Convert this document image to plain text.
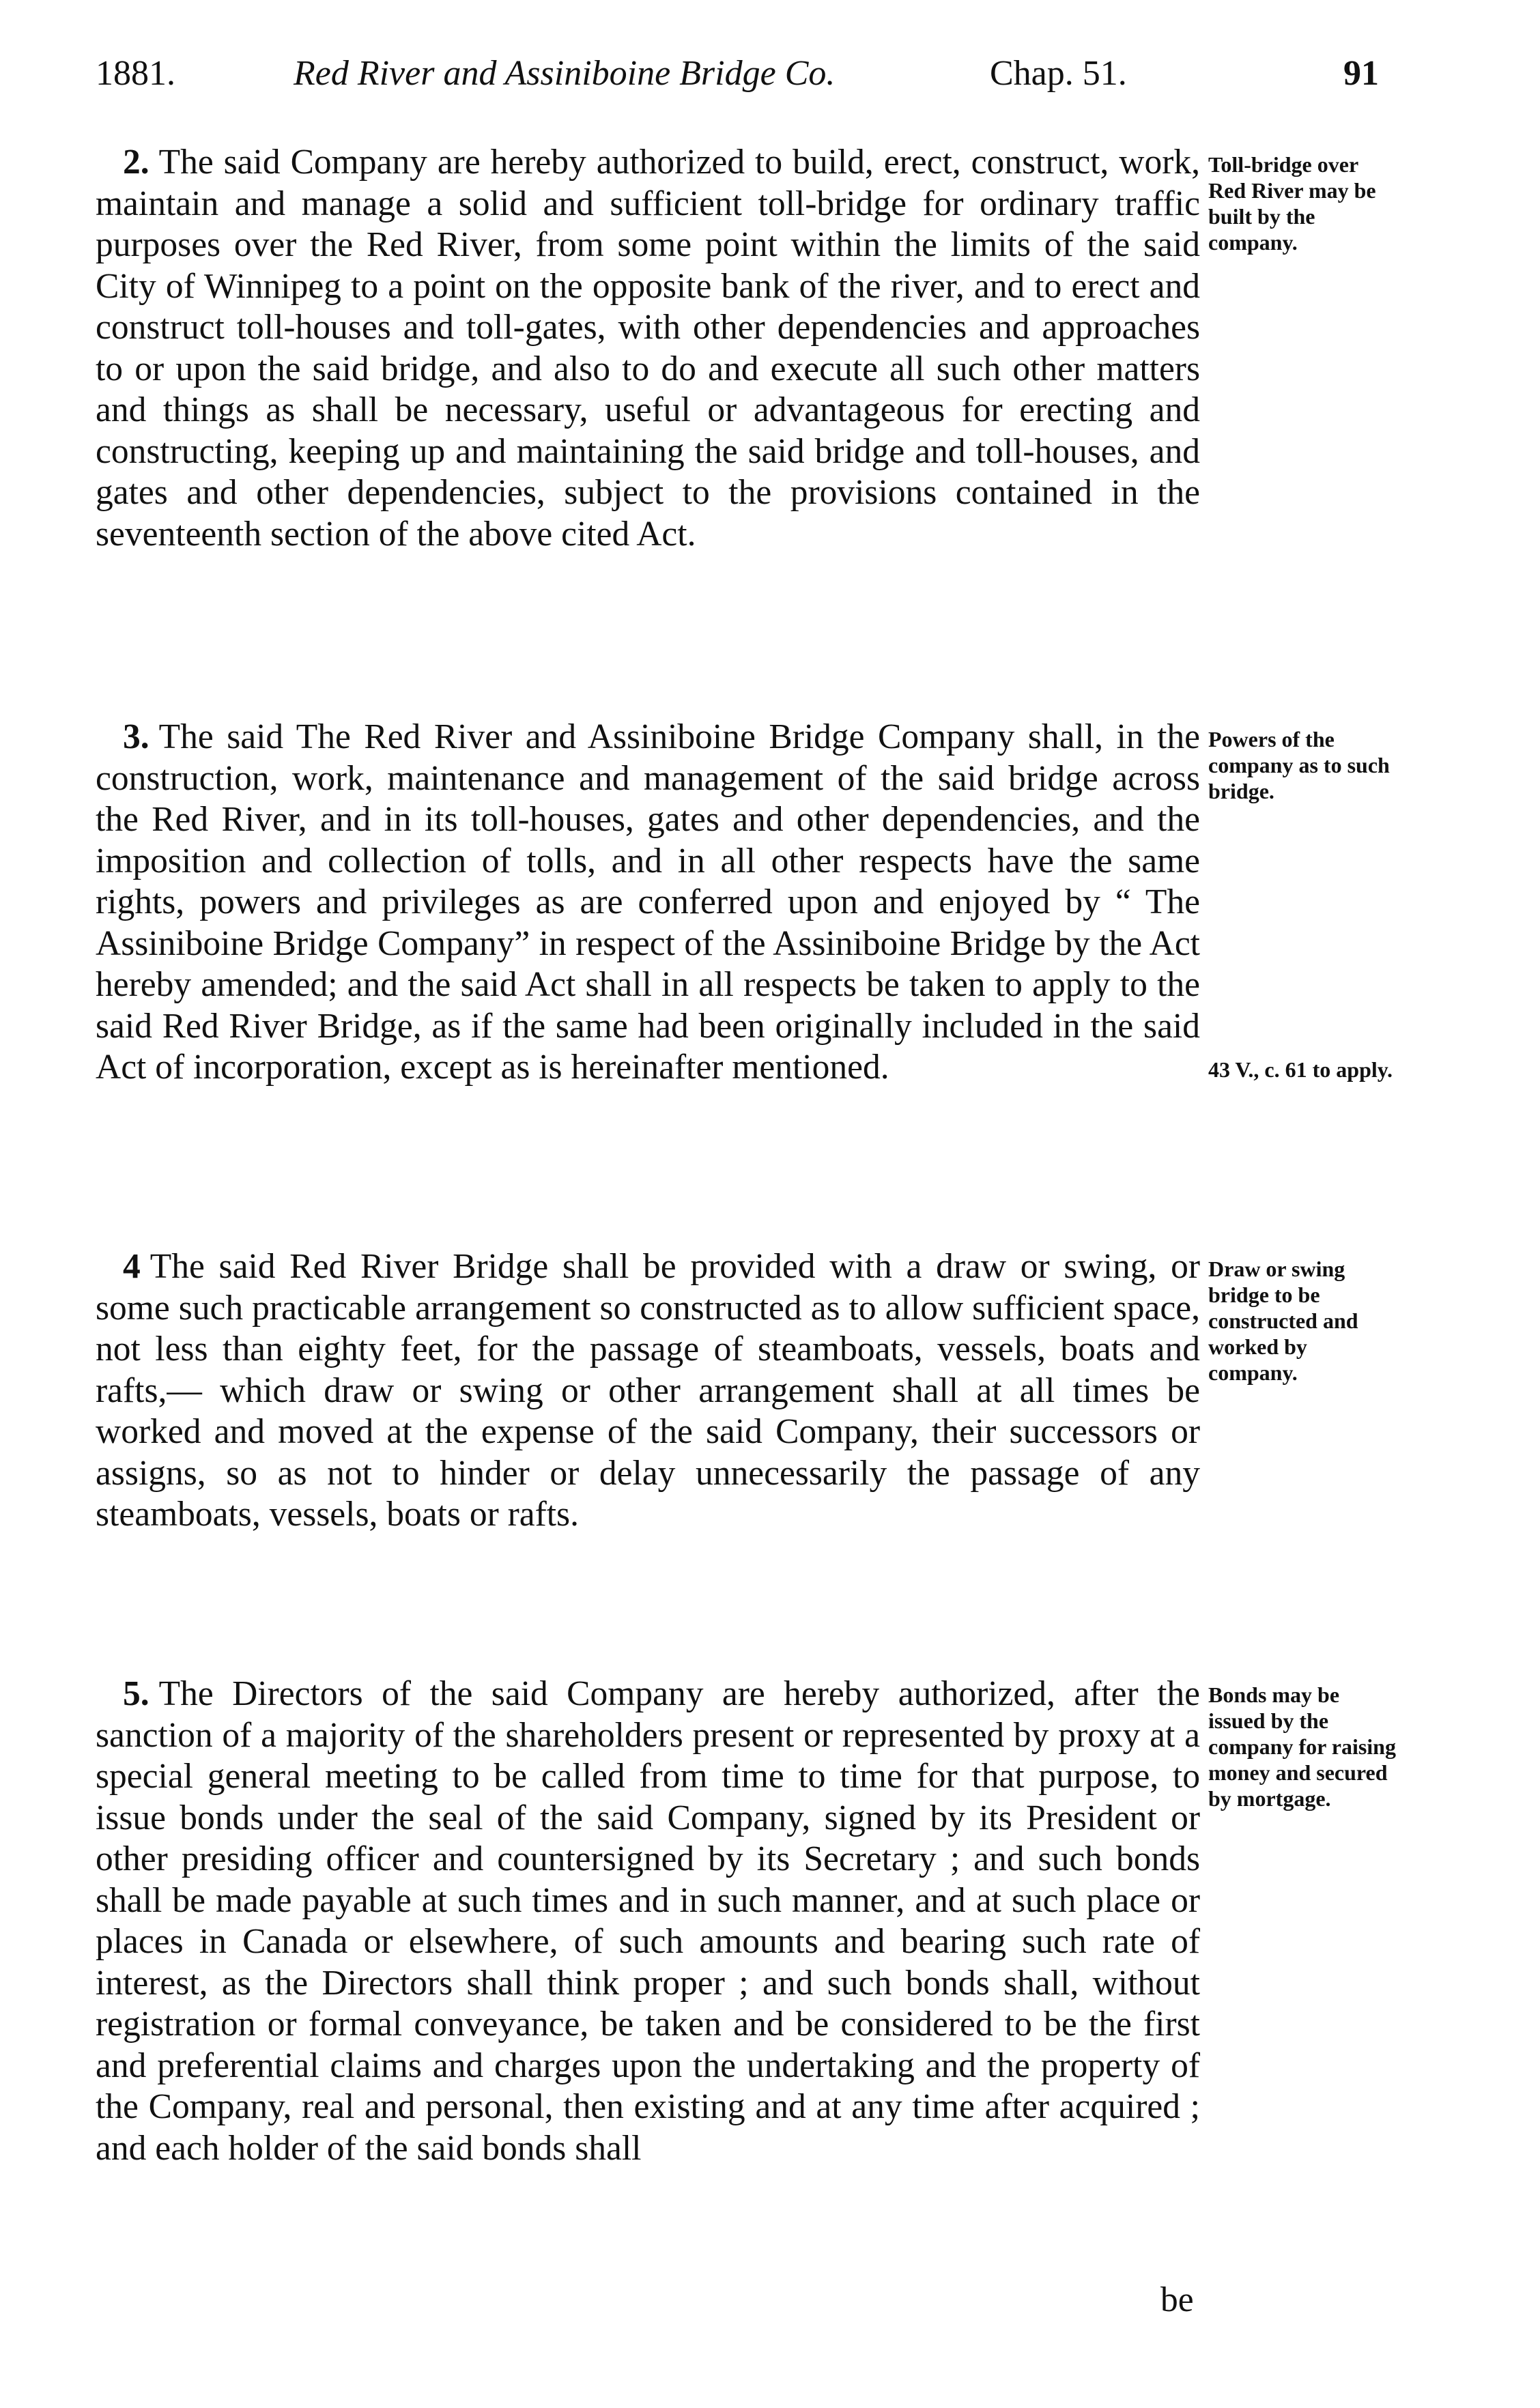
1881.	Red River and Assiniboine Bridge Co.	Chap. 51.	91
2. The said Company are hereby authorized to build, erect, construct, work, maintain and manage a solid and sufficient toll-bridge for ordinary traffic purposes over the Red River, from some point within the limits of the said City of Winnipeg to a point on the opposite bank of the river, and to erect and construct toll-houses and toll-gates, with other dependencies and approaches to or upon the said bridge, and also to do and execute all such other matters and things as shall be necessary, useful or advantageous for erecting and constructing, keeping up and maintaining the said bridge and toll-houses, and gates and other dependencies, subject to the provisions contained in the seventeenth section of the above cited Act.
Toll-bridge over Red River may be built by the company.
3. The said The Red River and Assiniboine Bridge Company shall, in the construction, work, maintenance and management of the said bridge across the Red River, and in its toll-houses, gates and other dependencies, and the imposition and collection of tolls, and in all other respects have the same rights, powers and privileges as are conferred upon and enjoyed by “ The Assiniboine Bridge Company” in respect of the Assiniboine Bridge by the Act hereby amended; and the said Act shall in all respects be taken to apply to the said Red River Bridge, as if the same had been originally included in the said Act of incorporation, except as is hereinafter mentioned.
Powers of the company as to such bridge.
43 V., c. 61 to apply.
4 The said Red River Bridge shall be provided with a draw or swing, or some such practicable arrangement so constructed as to allow sufficient space, not less than eighty feet, for the passage of steamboats, vessels, boats and rafts,— which draw or swing or other arrangement shall at all times be worked and moved at the expense of the said Company, their successors or assigns, so as not to hinder or delay unnecessarily the passage of any steamboats, vessels, boats or rafts.
Draw or swing bridge to be constructed and worked by company.
5. The Directors of the said Company are hereby authorized, after the sanction of a majority of the shareholders present or represented by proxy at a special general meeting to be called from time to time for that purpose, to issue bonds under the seal of the said Company, signed by its President or other presiding officer and countersigned by its Secretary ; and such bonds shall be made payable at such times and in such manner, and at such place or places in Canada or elsewhere, of such amounts and bearing such rate of interest, as the Directors shall think proper ; and such bonds shall, without registration or formal conveyance, be taken and be considered to be the first and preferential claims and charges upon the undertaking and the property of the Company, real and personal, then existing and at any time after acquired ; and each holder of the said bonds shall
Bonds may be issued by the company for raising money and secured by mortgage.
be
